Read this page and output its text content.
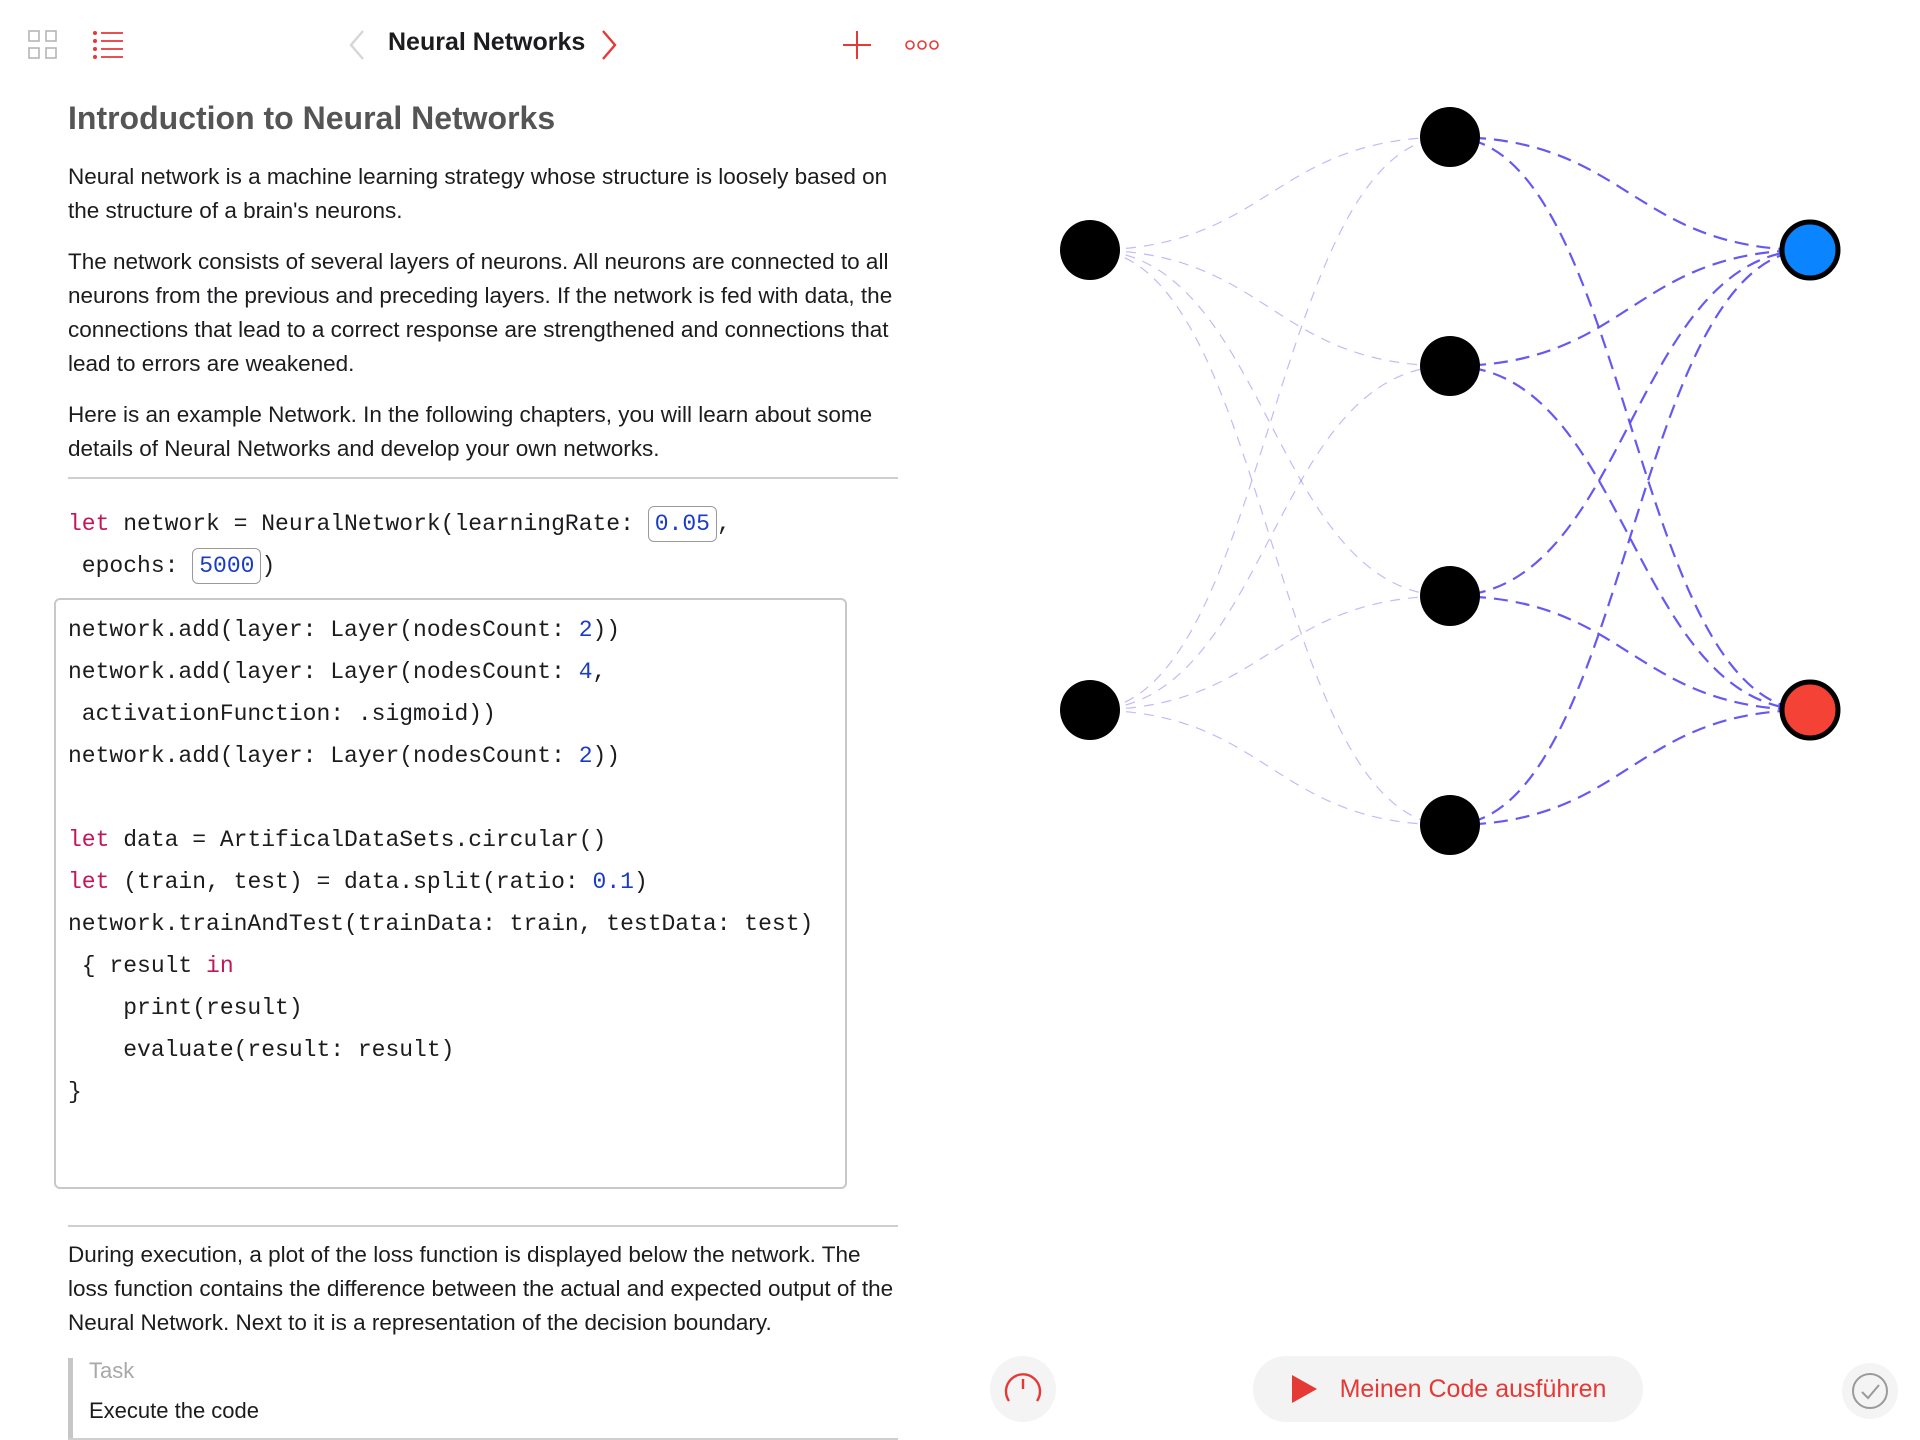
Neural Networks
Introduction to Neural Networks

Neural network is a machine learning strategy whose structure is loosely based on the structure of a brain's neurons.

The network consists of several layers of neurons. All neurons are connected to all neurons from the previous and preceding layers. If the network is fed with data, the connections that lead to a correct response are strengthened and connections that lead to errors are weakened.

Here is an example Network. In the following chapters, you will learn about some details of Neural Networks and develop your own networks.

let network = NeuralNetwork(learningRate: 0.05 ,
epochs: 5000 )
network.add(layer: Layer(nodesCount: 2))
network.add(layer: Layer(nodesCount: 4,
activationFunction: .sigmoid))
network.add(layer: Layer(nodesCount: 2))
let data = ArtificalDataSets.circular()
let (train, test) = data.split(ratio: 0.1)
network.trainAndTest(trainData: train, testData: test)
{ result in
print(result)
evaluate(result: result)
}

During execution, a plot of the loss function is displayed below the network. The loss function contains the difference between the actual and expected output of the Neural Network. Next to it is a representation of the decision boundary.

Task
Execute the code
Meinen Code ausführen
